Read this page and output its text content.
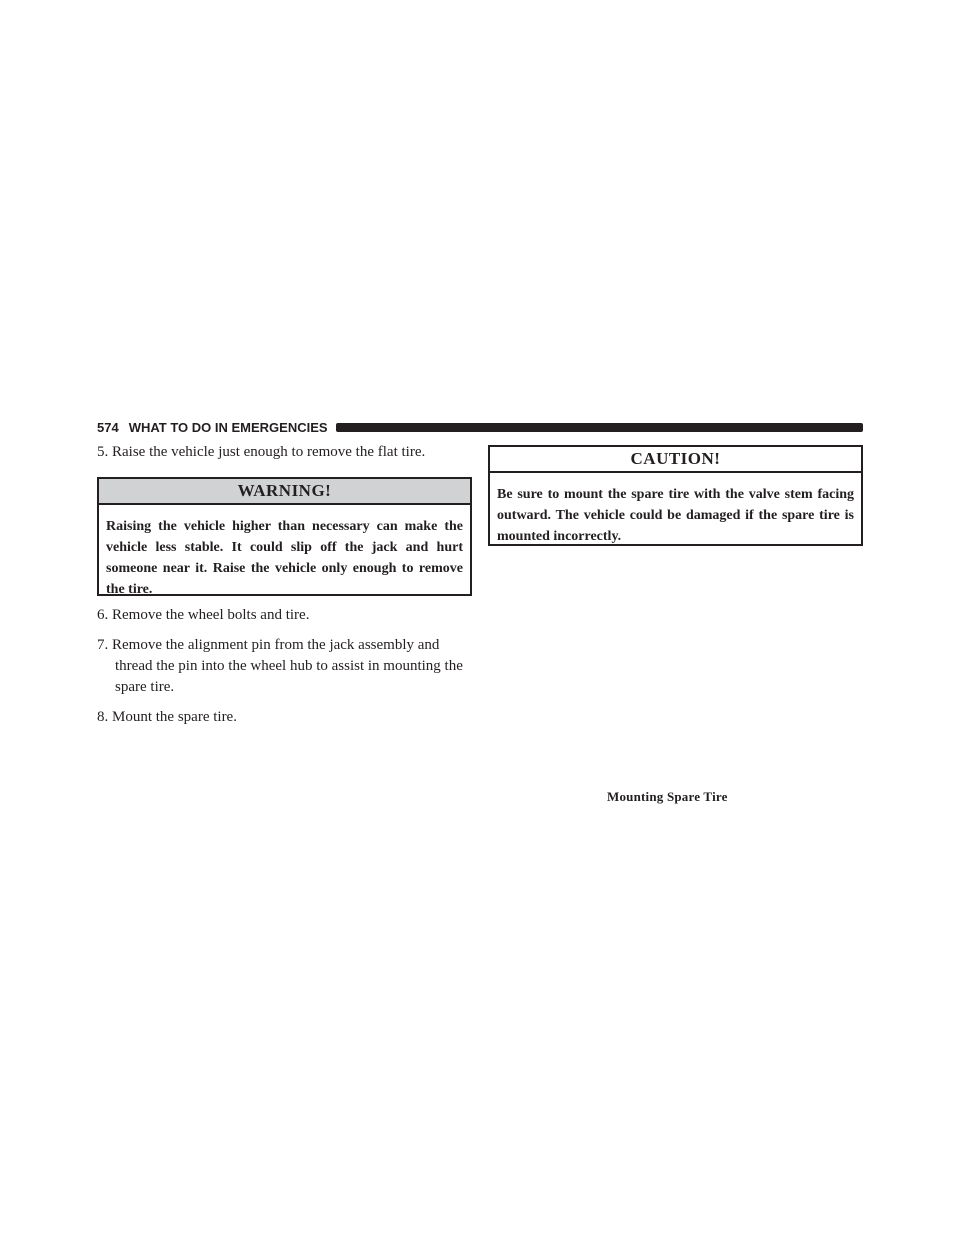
574 WHAT TO DO IN EMERGENCIES

5. Raise the vehicle just enough to remove the flat tire.

WARNING!
Raising the vehicle higher than necessary can make the vehicle less stable. It could slip off the jack and hurt someone near it. Raise the vehicle only enough to remove the tire.

6. Remove the wheel bolts and tire.

7. Remove the alignment pin from the jack assembly and thread the pin into the wheel hub to assist in mounting the spare tire.

8. Mount the spare tire.

CAUTION!
Be sure to mount the spare tire with the valve stem facing outward. The vehicle could be damaged if the spare tire is mounted incorrectly.
Mounting Spare Tire
